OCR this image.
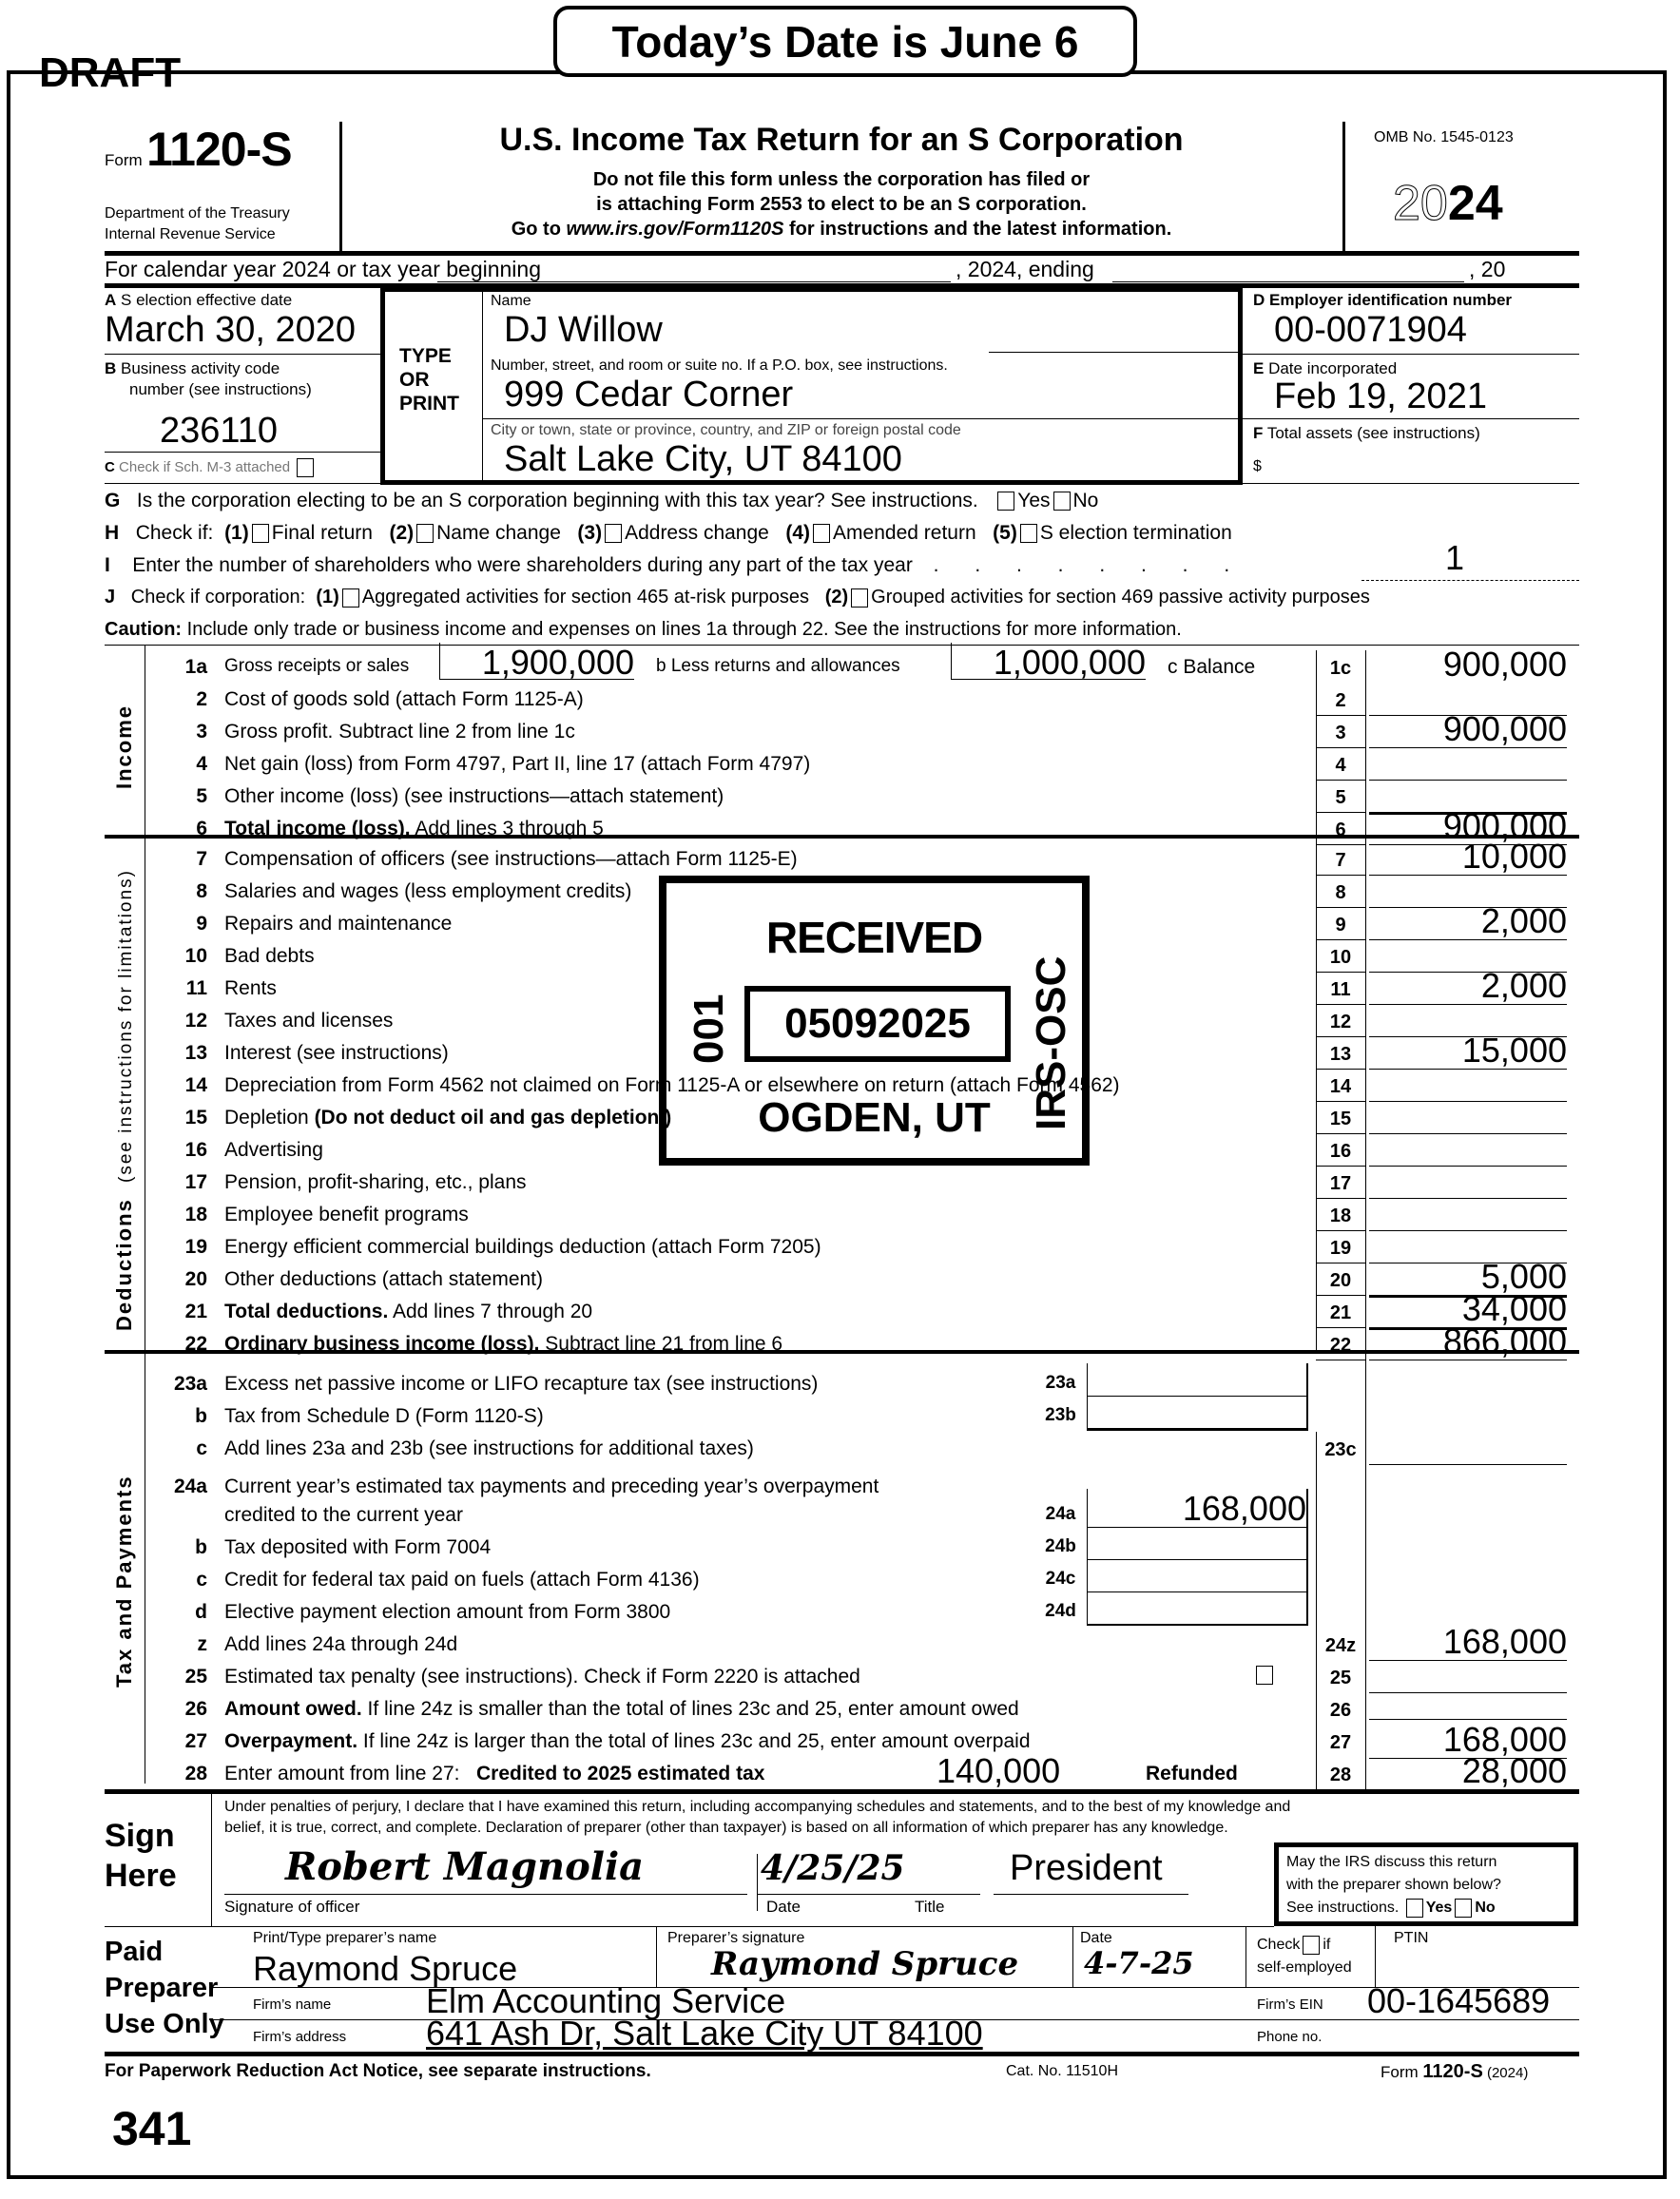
Today’s Date is June 6
DRAFT
Form 1120-S
Department of the Treasury
Internal Revenue Service
U.S. Income Tax Return for an S Corporation
Do not file this form unless the corporation has filed or
is attaching Form 2553 to elect to be an S corporation.
Go to www.irs.gov/Form1120S for instructions and the latest information.
OMB No. 1545-0123
2024
For calendar year 2024 or tax year beginning	, 2024, ending	, 20
A S election effective date
March 30, 2020
B Business activity code
number (see instructions)
236110
C Check if Sch. M-3 attached
TYPE
OR
PRINT
Name
DJ Willow
Number, street, and room or suite no. If a P.O. box, see instructions.
999 Cedar Corner
City or town, state or province, country, and ZIP or foreign postal code
Salt Lake City, UT 84100
D Employer identification number
00-0071904
E Date incorporated
Feb 19, 2021
F Total assets (see instructions)
$
G Is the corporation electing to be an S corporation beginning with this tax year? See instructions. Yes No
H Check if: (1) Final return (2) Name change (3) Address change (4) Amended return (5) S election termination
I Enter the number of shareholders who were shareholders during any part of the tax year . . . . . . . .	1
J Check if corporation: (1) Aggregated activities for section 465 at-risk purposes (2) Grouped activities for section 469 passive activity purposes
Caution: Include only trade or business income and expenses on lines 1a through 22. See the instructions for more information.
Income
1a Gross receipts or sales	1,900,000 b Less returns and allowances	1,000,000 c Balance	1c	900,000
2 Cost of goods sold (attach Form 1125-A)	2
3 Gross profit. Subtract line 2 from line 1c	3	900,000
4 Net gain (loss) from Form 4797, Part II, line 17 (attach Form 4797)	4
5 Other income (loss) (see instructions—attach statement)	5
6 Total income (loss). Add lines 3 through 5	6	900,000
7 Compensation of officers (see instructions—attach Form 1125-E)	7	10,000
8 Salaries and wages (less employment credits)	8
9 Repairs and maintenance	9	2,000
10 Bad debts	10
11 Rents	11	2,000
12 Taxes and licenses	12
13 Interest (see instructions)	13	15,000
14 Depreciation from Form 4562 not claimed on Form 1125-A or elsewhere on return (attach Form 4562)	14
15 Depletion (Do not deduct oil and gas depletion.)	15
16 Advertising	16
17 Pension, profit-sharing, etc., plans	17
18 Employee benefit programs	18
19 Energy efficient commercial buildings deduction (attach Form 7205)	19
20 Other deductions (attach statement)	20	5,000
21 Total deductions. Add lines 7 through 20	21	34,000
22 Ordinary business income (loss). Subtract line 21 from line 6	22	866,000
Deductions  (see instructions for limitations)	RECEIVED
05092025
OGDEN, UT
001	IRS-OSC
Tax and Payments
23a Excess net passive income or LIFO recapture tax (see instructions)	23a
b Tax from Schedule D (Form 1120-S)	23b
c Add lines 23a and 23b (see instructions for additional taxes)	23c
24a Current year’s estimated tax payments and preceding year’s overpayment
credited to the current year	24a	168,000
b Tax deposited with Form 7004	24b
c Credit for federal tax paid on fuels (attach Form 4136)	24c
d Elective payment election amount from Form 3800	24d
z Add lines 24a through 24d	24z	168,000
25 Estimated tax penalty (see instructions). Check if Form 2220 is attached	25
26 Amount owed. If line 24z is smaller than the total of lines 23c and 25, enter amount owed	26
27 Overpayment. If line 24z is larger than the total of lines 23c and 25, enter amount overpaid	27	168,000
28 Enter amount from line 27: Credited to 2025 estimated tax	140,000	Refunded	28	28,000
Sign
Here
Under penalties of perjury, I declare that I have examined this return, including accompanying schedules and statements, and to the best of my knowledge and
belief, it is true, correct, and complete. Declaration of preparer (other than taxpayer) is based on all information of which preparer has any knowledge.
Robert Magnolia
Signature of officer
4/25/25
Date	Title
President	May the IRS discuss this return
with the preparer shown below?
See instructions. Yes No
Paid
Preparer
Use Only
Print/Type preparer’s name
Raymond Spruce
Preparer’s signature
Raymond Spruce
Date
4-7-25
Check if
self-employed
PTIN
Firm’s name	Elm Accounting Service	Firm’s EIN 00-1645689
Firm’s address 641 Ash Dr, Salt Lake City UT 84100	Phone no.
For Paperwork Reduction Act Notice, see separate instructions.	Cat. No. 11510H	Form 1120-S (2024)
341
